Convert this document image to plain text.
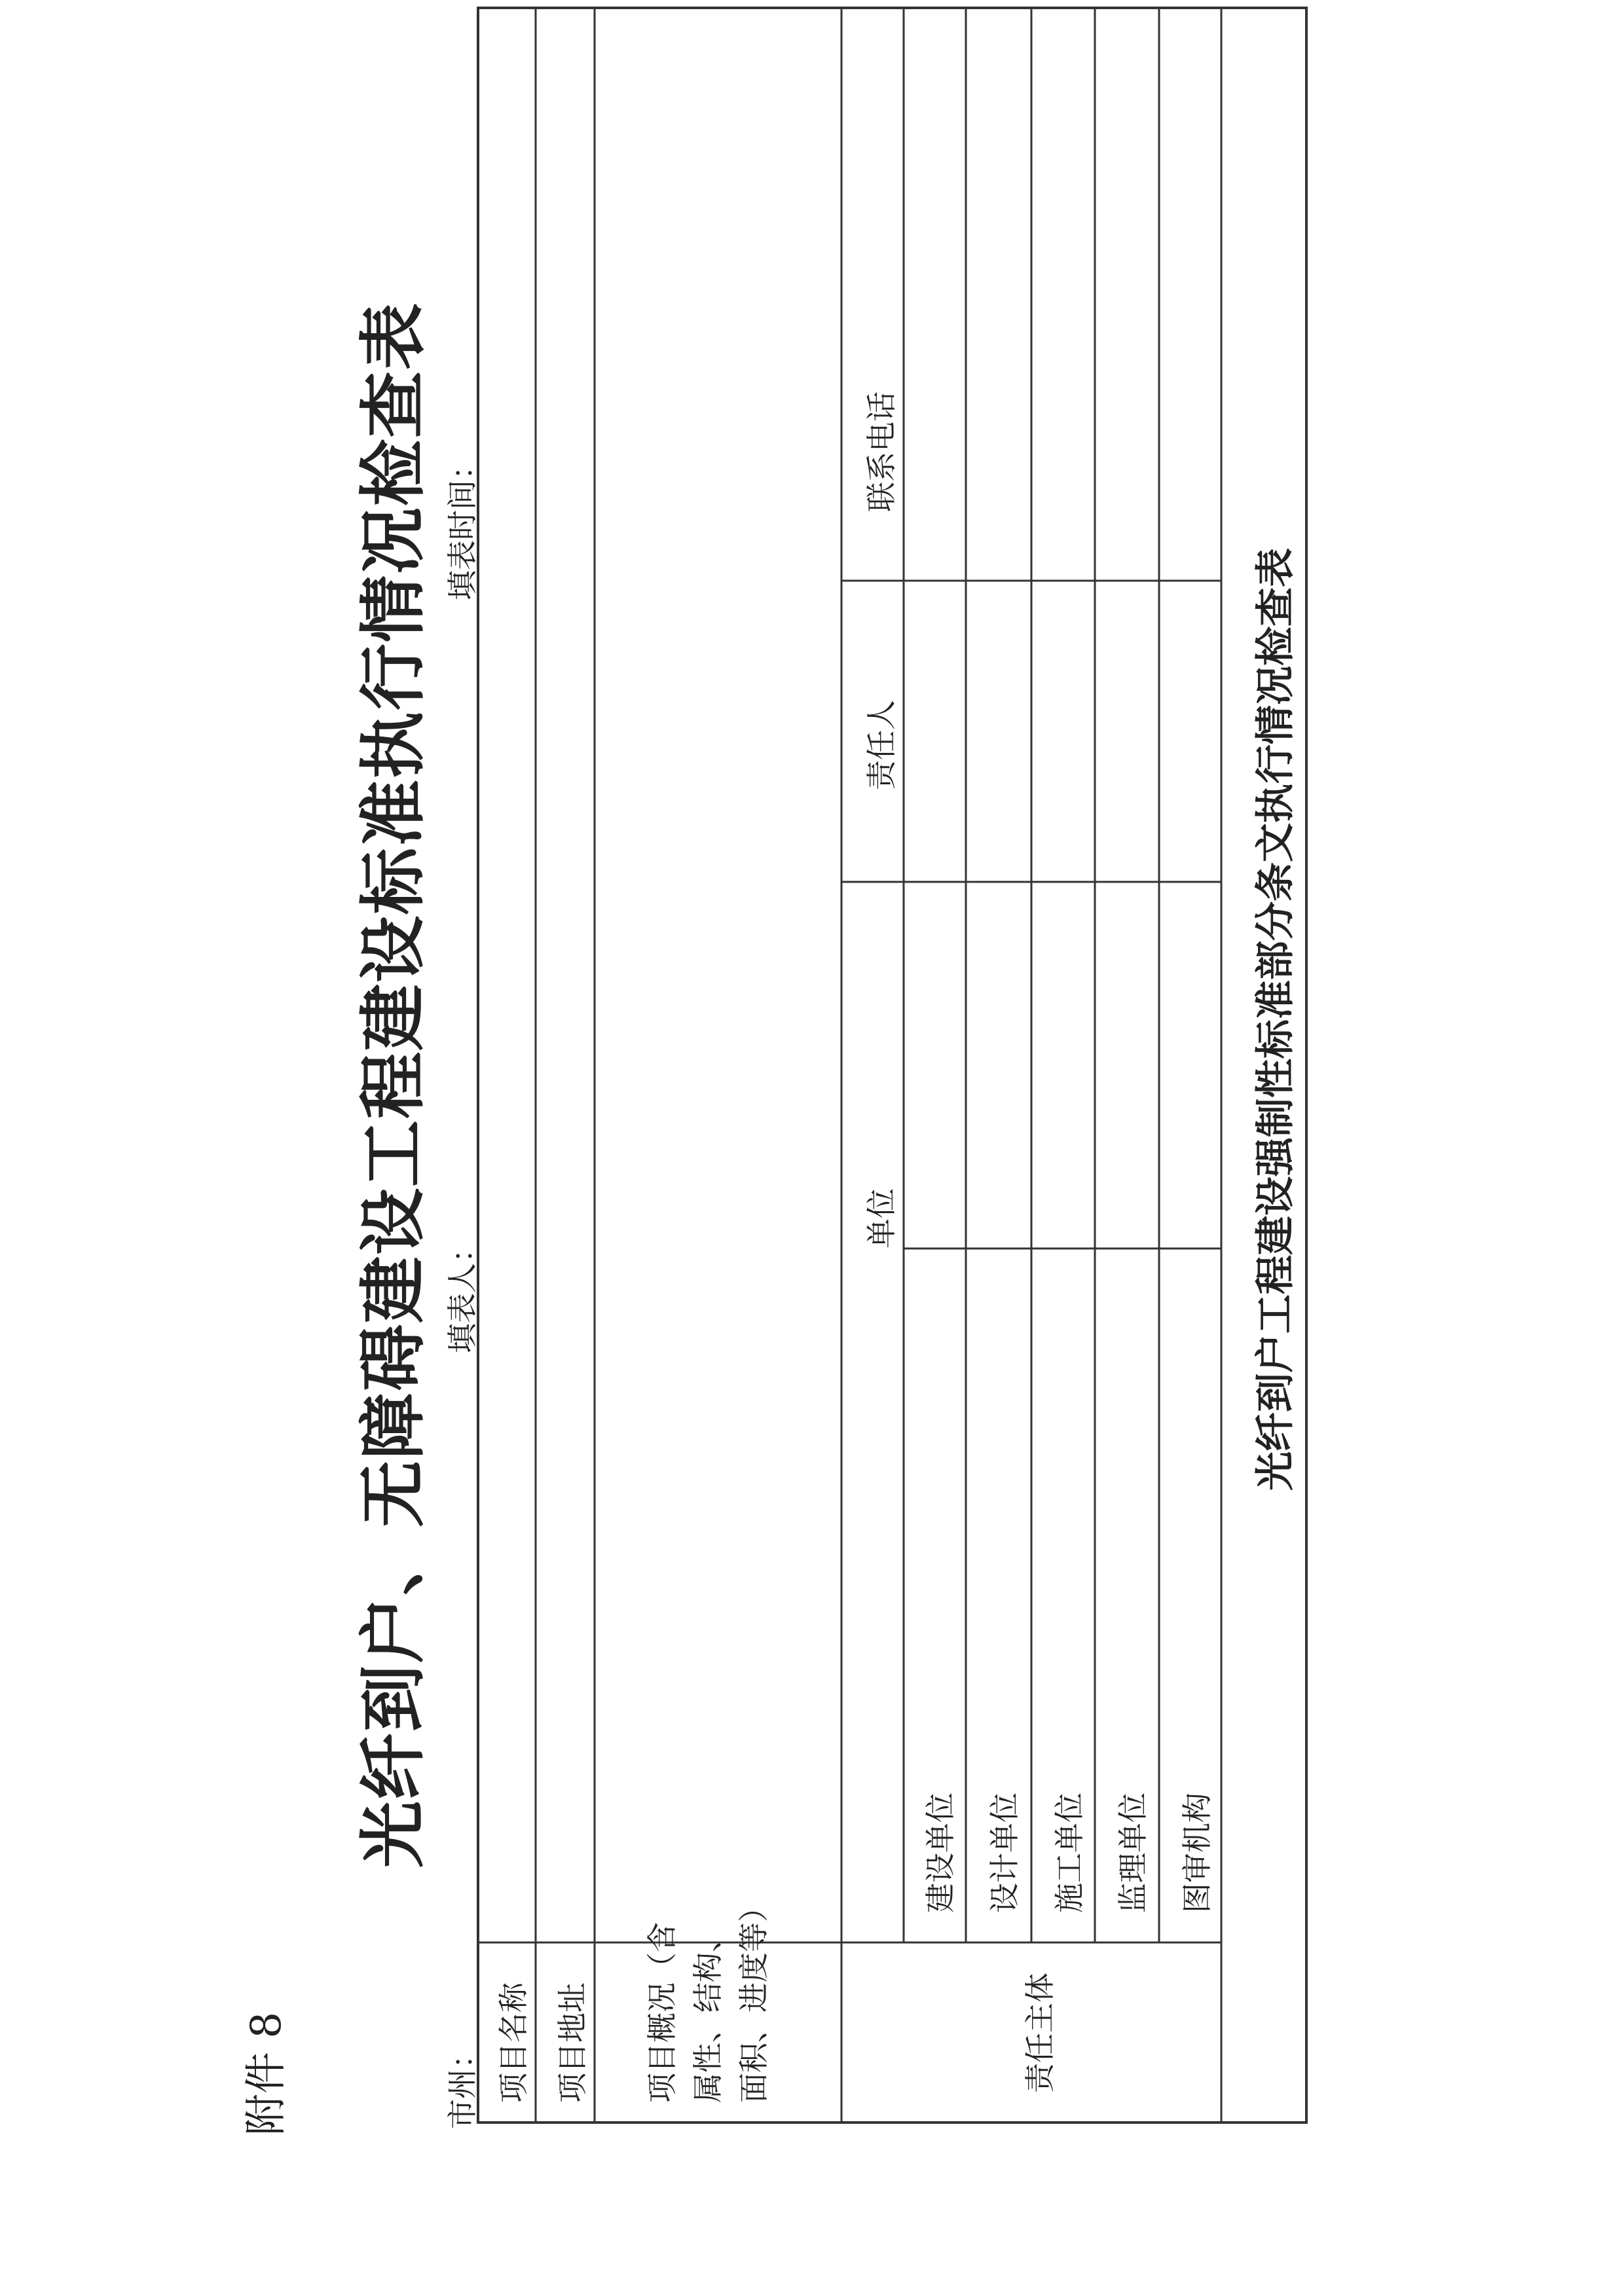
附件 8
光纤到户、无障碍建设工程建设标准执行情况检查表
市州：
填表人：
填表时间：
项目名称 项目地址 项目概况（含 属性、结构、 面积、进度等）
单位
责任人
联系电话
责任主体
建设单位 设计单位 施工单位 监理单位 图审机构
光纤到户工程建设强制性标准部分条文执行情况检查表
